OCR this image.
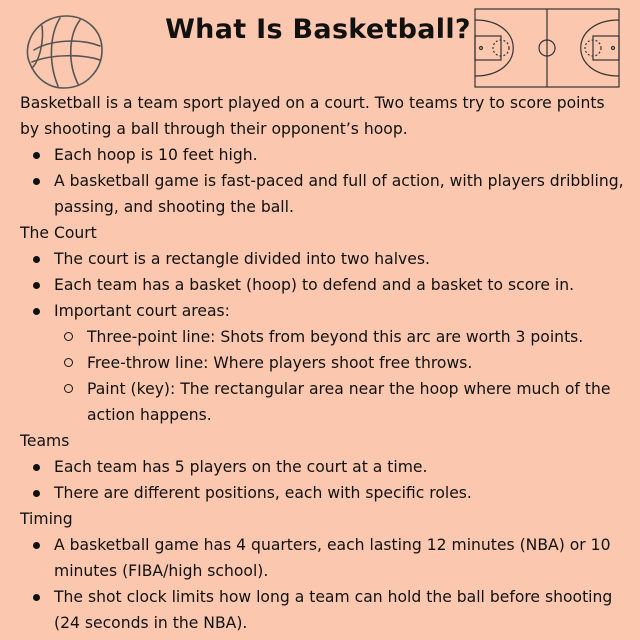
What Is Basketball?

Basketball is a team sport played on a court. Two teams try to score points by shooting a ball through their opponent’s hoop.

Each hoop is 10 feet high.
A basketball game is fast-paced and full of action, with players dribbling, passing, and shooting the ball.
The Court
The court is a rectangle divided into two halves.
Each team has a basket (hoop) to defend and a basket to score in.
Important court areas:
Three-point line: Shots from beyond this arc are worth 3 points.
Free-throw line: Where players shoot free throws.
Paint (key): The rectangular area near the hoop where much of the action happens.
Teams
Each team has 5 players on the court at a time.
There are different positions, each with specific roles.
Timing
A basketball game has 4 quarters, each lasting 12 minutes (NBA) or 10 minutes (FIBA/high school).
The shot clock limits how long a team can hold the ball before shooting (24 seconds in the NBA).
